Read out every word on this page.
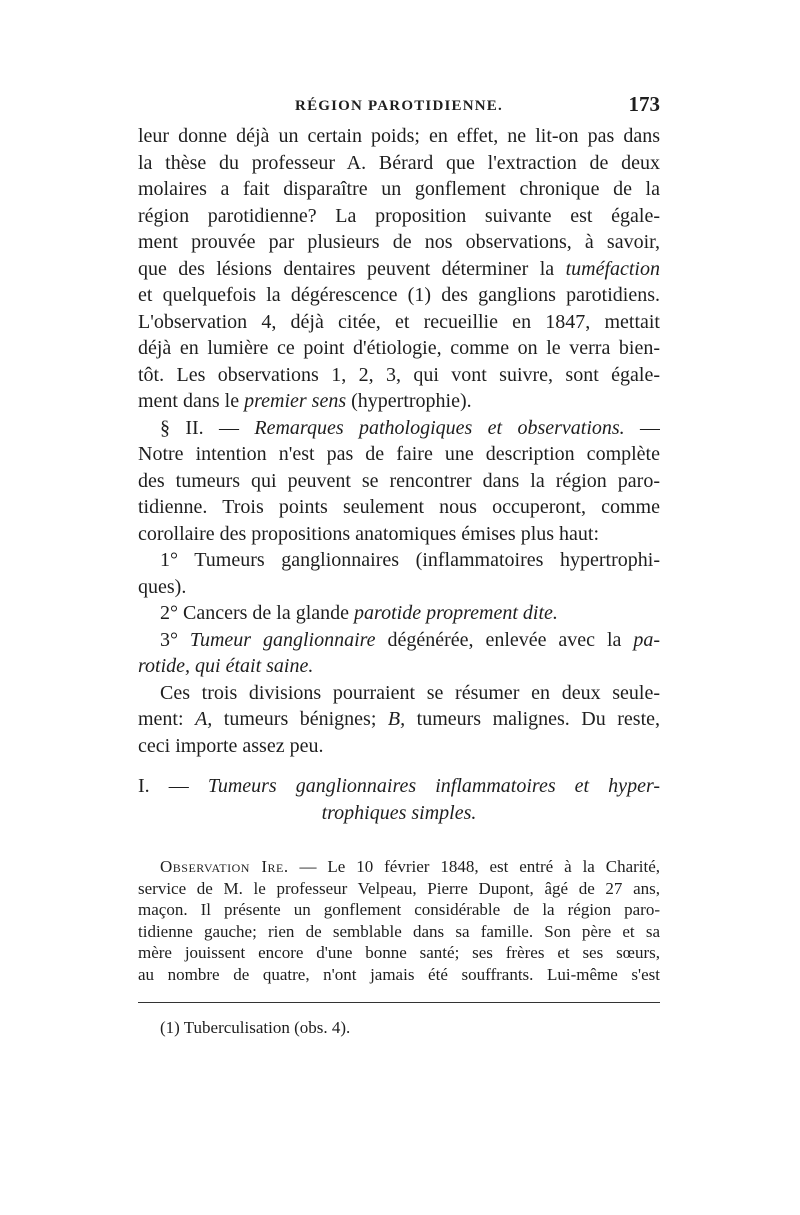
RÉGION PAROTIDIENNE.	173
leur donne déjà un certain poids; en effet, ne lit-on pas dans
la thèse du professeur A. Bérard que l'extraction de deux
molaires a fait disparaître un gonflement chronique de la
région parotidienne? La proposition suivante est égale-
ment prouvée par plusieurs de nos observations, à savoir,
que des lésions dentaires peuvent déterminer la tuméfaction
et quelquefois la dégérescence (1) des ganglions parotidiens.
L'observation 4, déjà citée, et recueillie en 1847, mettait
déjà en lumière ce point d'étiologie, comme on le verra bien-
tôt. Les observations 1, 2, 3, qui vont suivre, sont égale-
ment dans le premier sens (hypertrophie).
§ II. — Remarques pathologiques et observations. —
Notre intention n'est pas de faire une description complète
des tumeurs qui peuvent se rencontrer dans la région paro-
tidienne. Trois points seulement nous occuperont, comme
corollaire des propositions anatomiques émises plus haut:
1° Tumeurs ganglionnaires (inflammatoires hypertrophi-
ques).
2° Cancers de la glande parotide proprement dite.
3° Tumeur ganglionnaire dégénérée, enlevée avec la pa-
rotide, qui était saine.
Ces trois divisions pourraient se résumer en deux seule-
ment: A, tumeurs bénignes; B, tumeurs malignes. Du reste,
ceci importe assez peu.
I. — Tumeurs ganglionnaires inflammatoires et hyper-
trophiques simples.
Observation Ire. — Le 10 février 1848, est entré à la Charité,
service de M. le professeur Velpeau, Pierre Dupont, âgé de 27 ans,
maçon. Il présente un gonflement considérable de la région paro-
tidienne gauche; rien de semblable dans sa famille. Son père et sa
mère jouissent encore d'une bonne santé; ses frères et ses sœurs,
au nombre de quatre, n'ont jamais été souffrants. Lui-même s'est
(1) Tuberculisation (obs. 4).
